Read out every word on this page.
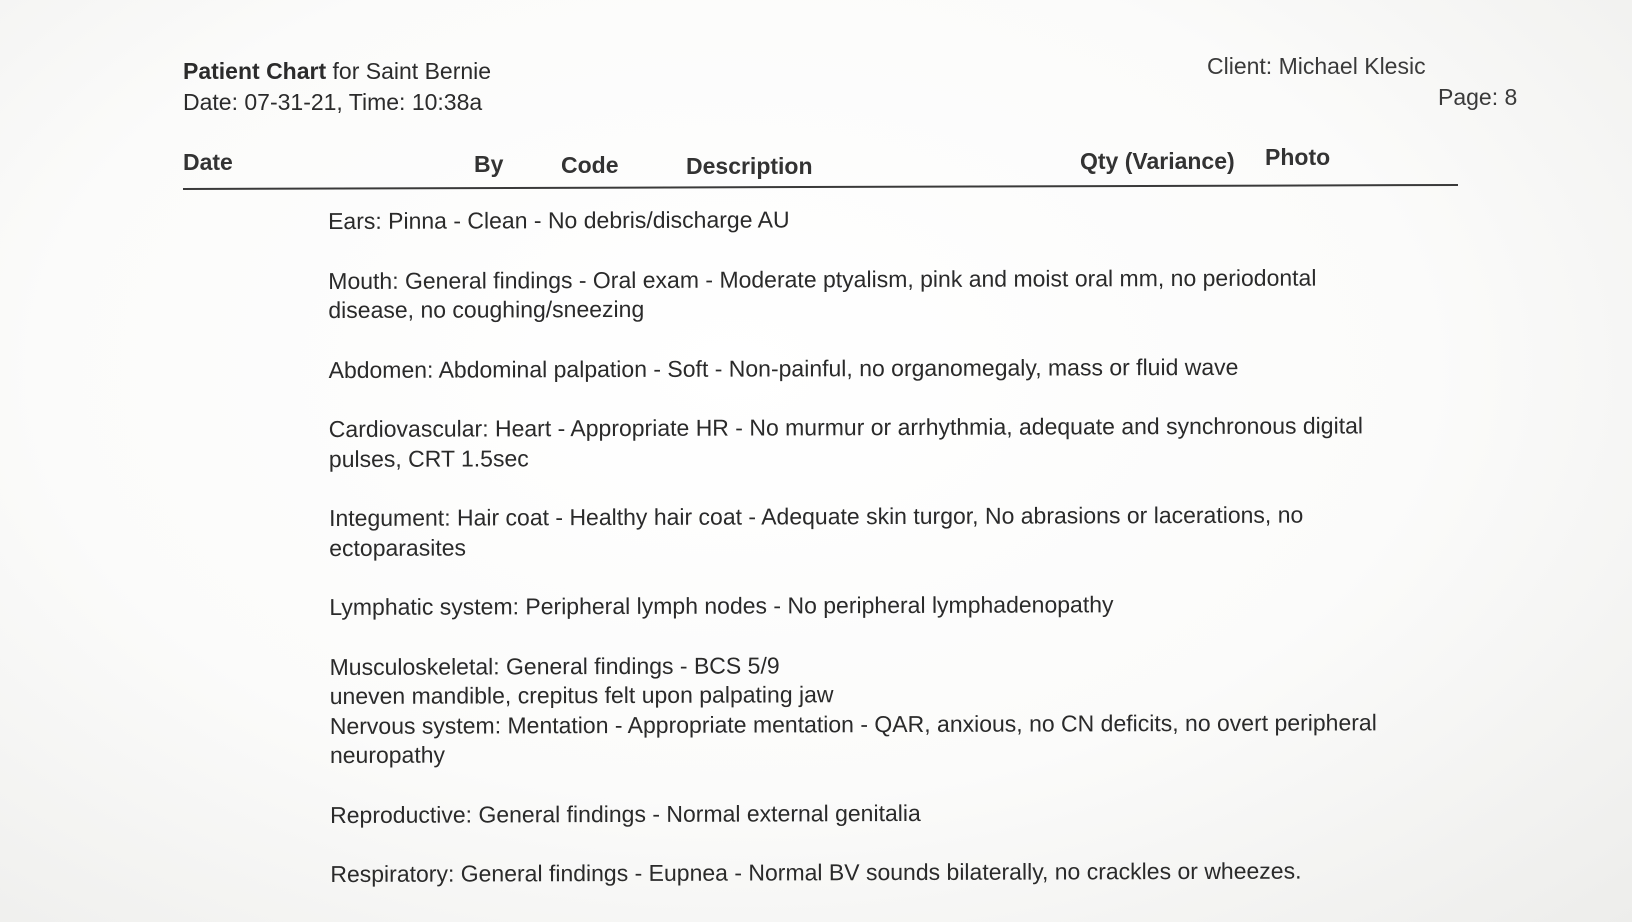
Patient Chart for Saint Bernie
Date: 07-31-21, Time: 10:38a
Client: Michael Klesic
Page: 8
Date	By	Code	Description	Qty (Variance) Photo
Ears: Pinna - Clean - No debris/discharge AU
Mouth: General findings - Oral exam - Moderate ptyalism, pink and moist oral mm, no periodontal
disease, no coughing/sneezing
Abdomen: Abdominal palpation - Soft - Non-painful, no organomegaly, mass or fluid wave
Cardiovascular: Heart - Appropriate HR - No murmur or arrhythmia, adequate and synchronous digital
pulses, CRT 1.5sec
Integument: Hair coat - Healthy hair coat - Adequate skin turgor, No abrasions or lacerations, no
ectoparasites
Lymphatic system: Peripheral lymph nodes - No peripheral lymphadenopathy
Musculoskeletal: General findings - BCS 5/9
uneven mandible, crepitus felt upon palpating jaw
Nervous system: Mentation - Appropriate mentation - QAR, anxious, no CN deficits, no overt peripheral
neuropathy
Reproductive: General findings - Normal external genitalia
Respiratory: General findings - Eupnea - Normal BV sounds bilaterally, no crackles or wheezes.
